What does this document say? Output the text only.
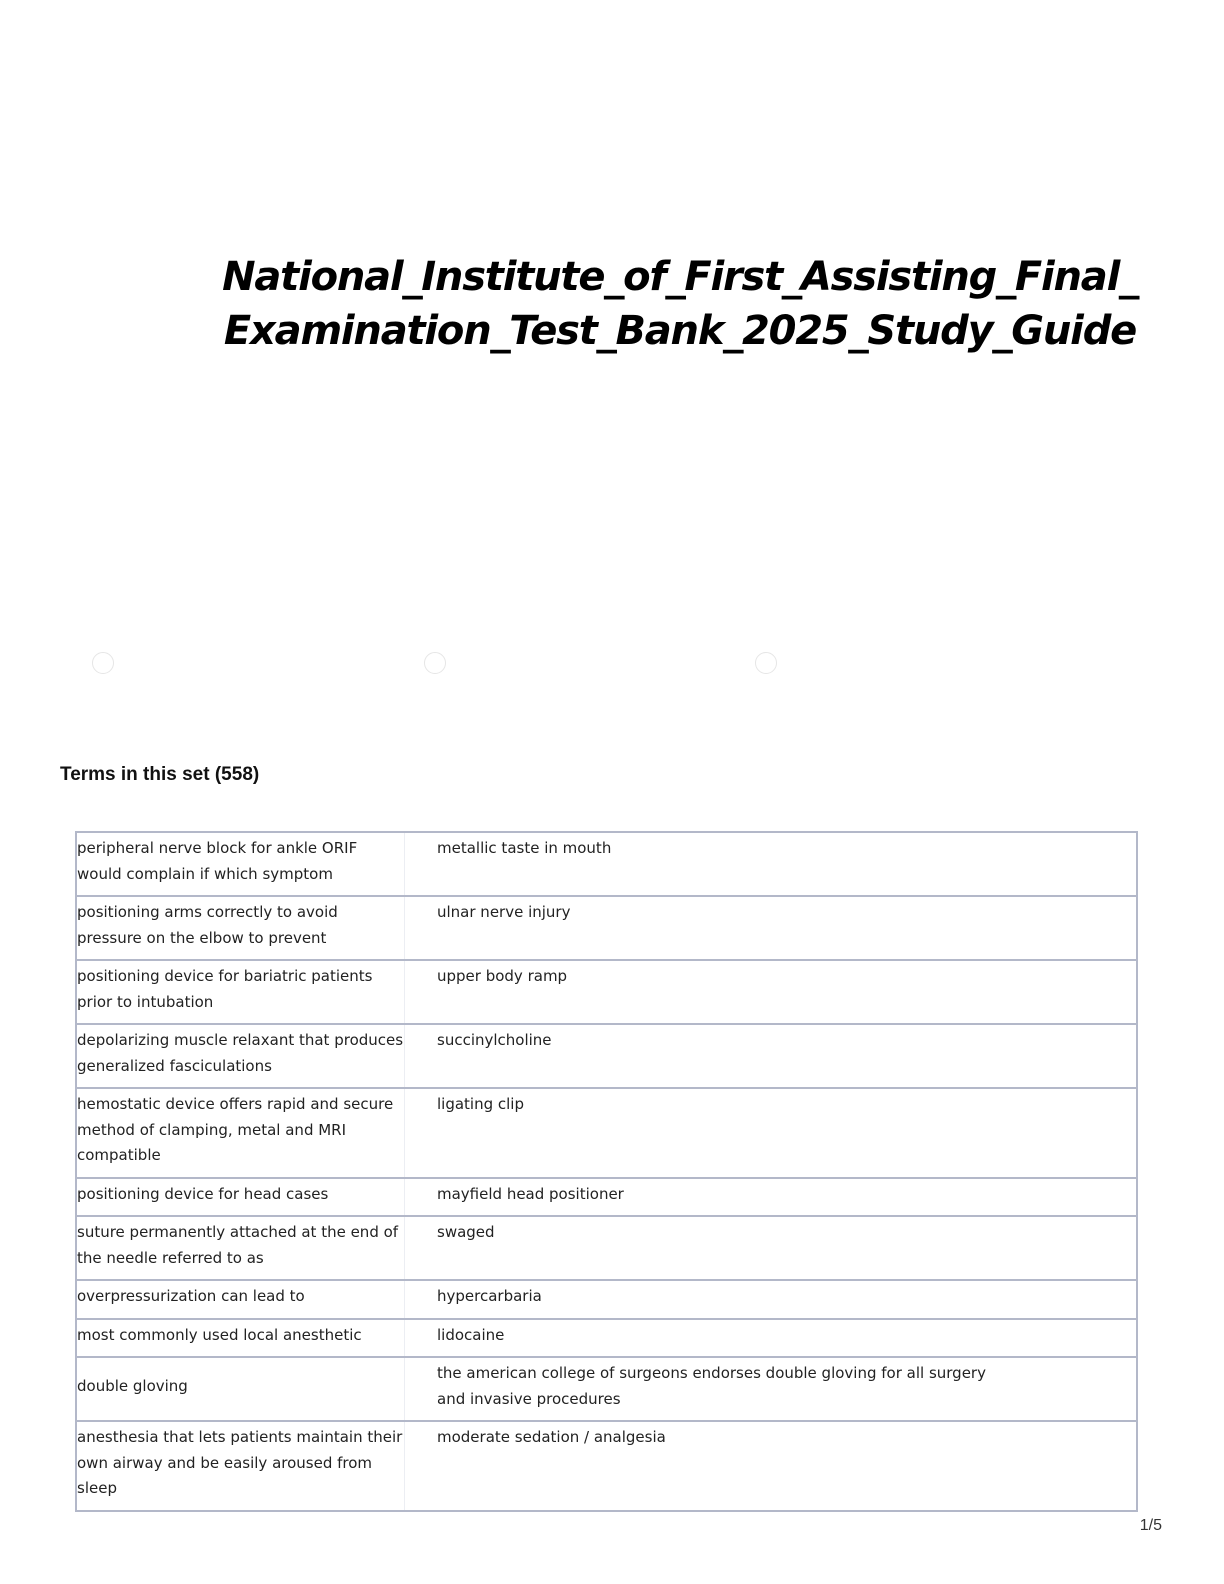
National_Institute_of_First_Assisting_Final_
Examination_Test_Bank_2025_Study_Guide
Terms in this set (558)
peripheral nerve block for ankle ORIF would complain if which symptom	metallic taste in mouth
positioning arms correctly to avoid pressure on the elbow to prevent	ulnar nerve injury
positioning device for bariatric patients prior to intubation	upper body ramp
depolarizing muscle relaxant that produces generalized fasciculations	succinylcholine
hemostatic device offers rapid and secure method of clamping, metal and MRI compatible	ligating clip
positioning device for head cases	mayfield head positioner
suture permanently attached at the end of the needle referred to as	swaged
overpressurization can lead to	hypercarbaria
most commonly used local anesthetic	lidocaine
double gloving	the american college of surgeons endorses double gloving for all surgery and invasive procedures
anesthesia that lets patients maintain their own airway and be easily aroused from sleep	moderate sedation / analgesia
1/5
